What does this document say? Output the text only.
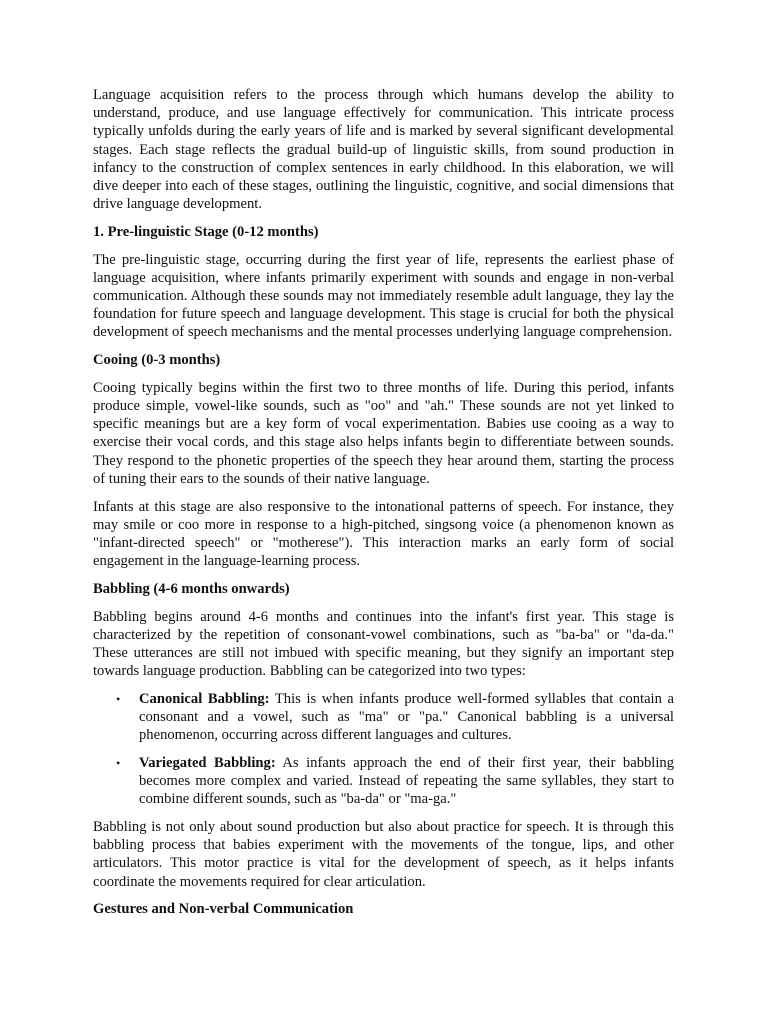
Language acquisition refers to the process through which humans develop the ability to understand, produce, and use language effectively for communication. This intricate process typically unfolds during the early years of life and is marked by several significant developmental stages. Each stage reflects the gradual build-up of linguistic skills, from sound production in infancy to the construction of complex sentences in early childhood. In this elaboration, we will dive deeper into each of these stages, outlining the linguistic, cognitive, and social dimensions that drive language development.

1. Pre-linguistic Stage (0-12 months)

The pre-linguistic stage, occurring during the first year of life, represents the earliest phase of language acquisition, where infants primarily experiment with sounds and engage in non-verbal communication. Although these sounds may not immediately resemble adult language, they lay the foundation for future speech and language development. This stage is crucial for both the physical development of speech mechanisms and the mental processes underlying language comprehension.

Cooing (0-3 months)

Cooing typically begins within the first two to three months of life. During this period, infants produce simple, vowel-like sounds, such as "oo" and "ah." These sounds are not yet linked to specific meanings but are a key form of vocal experimentation. Babies use cooing as a way to exercise their vocal cords, and this stage also helps infants begin to differentiate between sounds. They respond to the phonetic properties of the speech they hear around them, starting the process of tuning their ears to the sounds of their native language.

Infants at this stage are also responsive to the intonational patterns of speech. For instance, they may smile or coo more in response to a high-pitched, singsong voice (a phenomenon known as "infant-directed speech" or "motherese"). This interaction marks an early form of social engagement in the language-learning process.

Babbling (4-6 months onwards)

Babbling begins around 4-6 months and continues into the infant's first year. This stage is characterized by the repetition of consonant-vowel combinations, such as "ba-ba" or "da-da." These utterances are still not imbued with specific meaning, but they signify an important step towards language production. Babbling can be categorized into two types:

• Canonical Babbling: This is when infants produce well-formed syllables that contain a consonant and a vowel, such as "ma" or "pa." Canonical babbling is a universal phenomenon, occurring across different languages and cultures.
• Variegated Babbling: As infants approach the end of their first year, their babbling becomes more complex and varied. Instead of repeating the same syllables, they start to combine different sounds, such as "ba-da" or "ma-ga."

Babbling is not only about sound production but also about practice for speech. It is through this babbling process that babies experiment with the movements of the tongue, lips, and other articulators. This motor practice is vital for the development of speech, as it helps infants coordinate the movements required for clear articulation.

Gestures and Non-verbal Communication
